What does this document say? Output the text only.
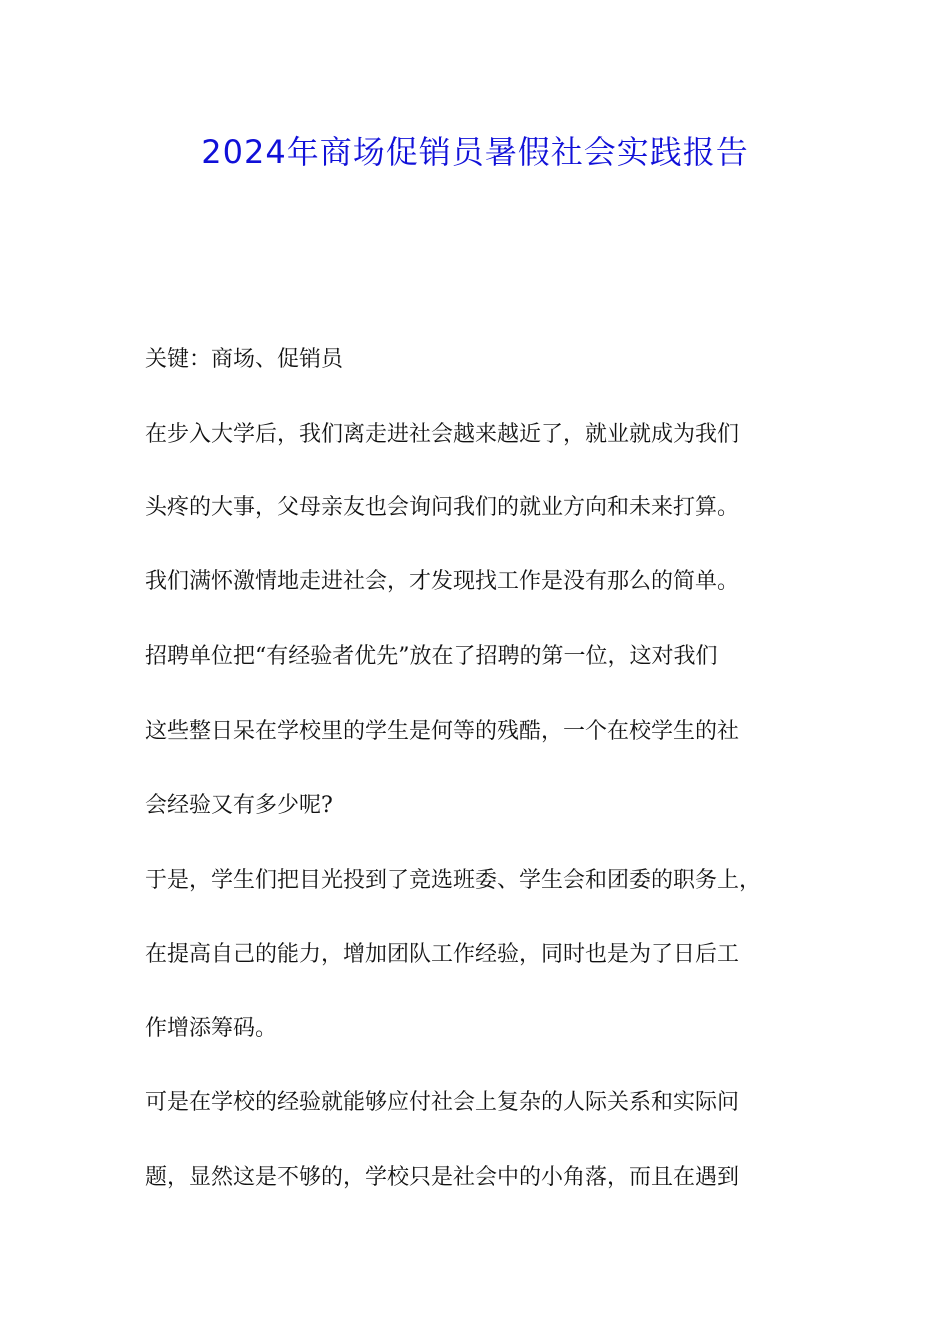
2024年商场促销员暑假社会实践报告
关键：商场、促销员
在步入大学后，我们离走进社会越来越近了，就业就成为我们
头疼的大事，父母亲友也会询问我们的就业方向和未来打算。
我们满怀激情地走进社会，才发现找工作是没有那么的简单。
招聘单位把“有经验者优先”放在了招聘的第一位，这对我们
这些整日呆在学校里的学生是何等的残酷，一个在校学生的社
会经验又有多少呢?
于是，学生们把目光投到了竞选班委、学生会和团委的职务上，
在提高自己的能力，增加团队工作经验，同时也是为了日后工
作增添筹码。
可是在学校的经验就能够应付社会上复杂的人际关系和实际问
题，显然这是不够的，学校只是社会中的小角落，而且在遇到
